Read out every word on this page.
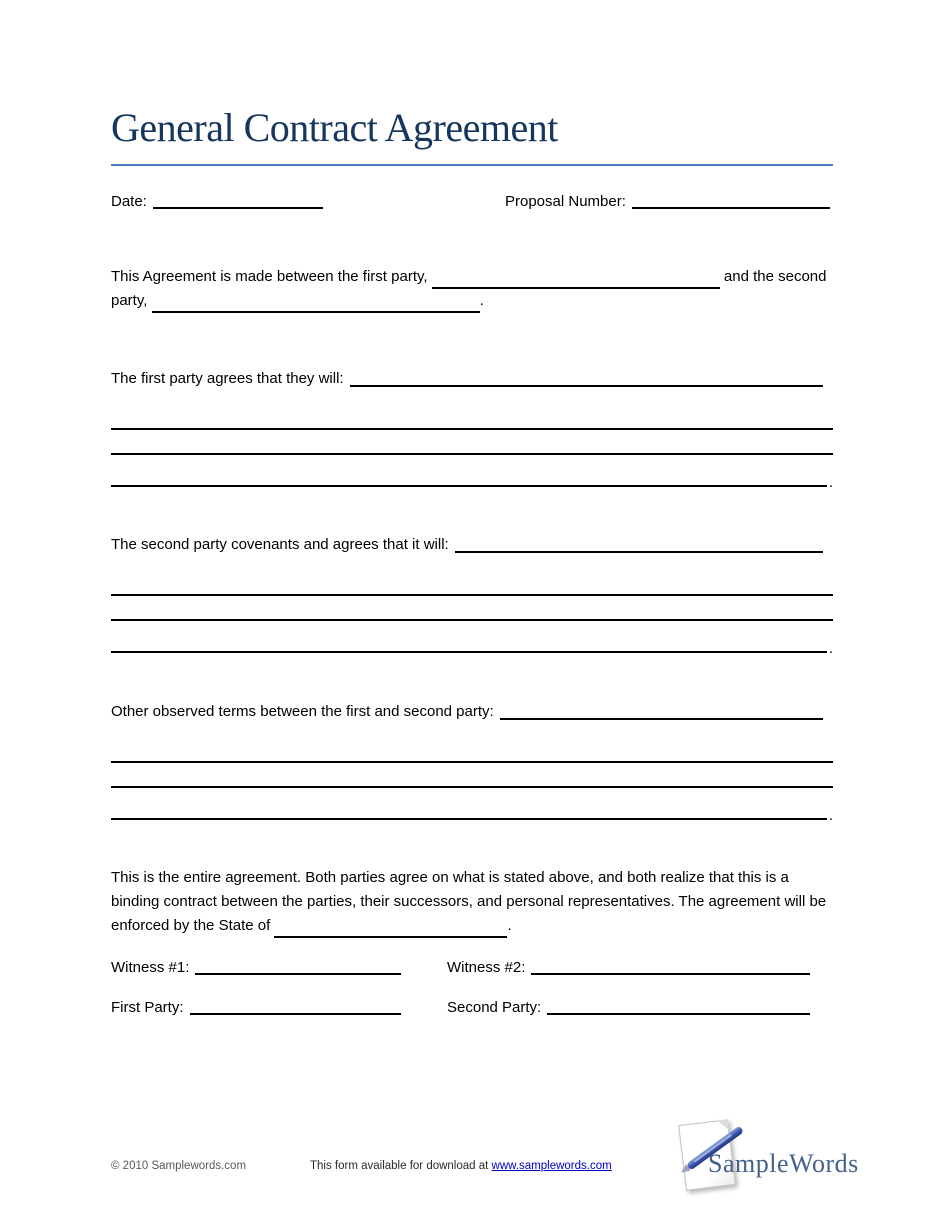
General Contract Agreement
Date:	Proposal Number:

This Agreement is made between the first party,	and the second party,	.

The first party agrees that they will:
.
The second party covenants and agrees that it will:
.
Other observed terms between the first and second party:
.

This is the entire agreement. Both parties agree on what is stated above, and both realize that this is a binding contract between the parties, their successors, and personal representatives. The agreement will be enforced by the State of	.

Witness #1:	Witness #2:
First Party:	Second Party:
© 2010 Samplewords.com	This form available for download at www.samplewords.com	SampleWords
